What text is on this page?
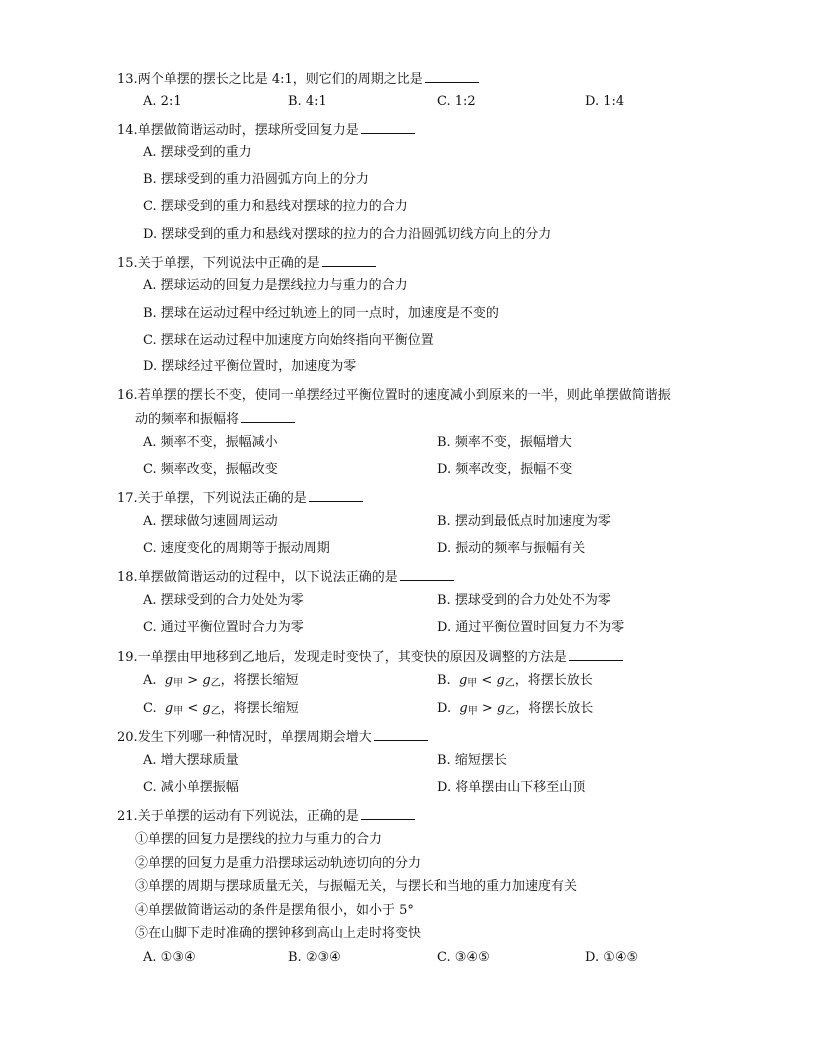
13.两个单摆的摆长之比是 4:1，则它们的周期之比是
A. 2:1	B. 4:1	C. 1:2	D. 1:4
14.单摆做简谐运动时，摆球所受回复力是
A. 摆球受到的重力
B. 摆球受到的重力沿圆弧方向上的分力
C. 摆球受到的重力和悬线对摆球的拉力的合力
D. 摆球受到的重力和悬线对摆球的拉力的合力沿圆弧切线方向上的分力
15.关于单摆，下列说法中正确的是
A. 摆球运动的回复力是摆线拉力与重力的合力
B. 摆球在运动过程中经过轨迹上的同一点时，加速度是不变的
C. 摆球在运动过程中加速度方向始终指向平衡位置
D. 摆球经过平衡位置时，加速度为零
16.若单摆的摆长不变，使同一单摆经过平衡位置时的速度减小到原来的一半，则此单摆做简谐振
动的频率和振幅将
A. 频率不变，振幅减小	B. 频率不变，振幅增大
C. 频率改变，振幅改变	D. 频率改变，振幅不变
17.关于单摆，下列说法正确的是
A. 摆球做匀速圆周运动	B. 摆动到最低点时加速度为零
C. 速度变化的周期等于振动周期	D. 振动的频率与振幅有关
18.单摆做简谐运动的过程中，以下说法正确的是
A. 摆球受到的合力处处为零	B. 摆球受到的合力处处不为零
C. 通过平衡位置时合力为零	D. 通过平衡位置时回复力不为零
19.一单摆由甲地移到乙地后，发现走时变快了，其变快的原因及调整的方法是
A. $g_甲 > g_乙$，将摆长缩短	B. $g_甲 < g_乙$，将摆长放长
C. $g_甲 < g_乙$，将摆长缩短	D. $g_甲 > g_乙$，将摆长放长
20.发生下列哪一种情况时，单摆周期会增大
A. 增大摆球质量	B. 缩短摆长
C. 减小单摆振幅	D. 将单摆由山下移至山顶
21.关于单摆的运动有下列说法，正确的是
①单摆的回复力是摆线的拉力与重力的合力
②单摆的回复力是重力沿摆球运动轨迹切向的分力
③单摆的周期与摆球质量无关，与振幅无关，与摆长和当地的重力加速度有关
④单摆做简谐运动的条件是摆角很小，如小于 5°
⑤在山脚下走时准确的摆钟移到高山上走时将变快
A. ①③④	B. ②③④	C. ③④⑤	D. ①④⑤
